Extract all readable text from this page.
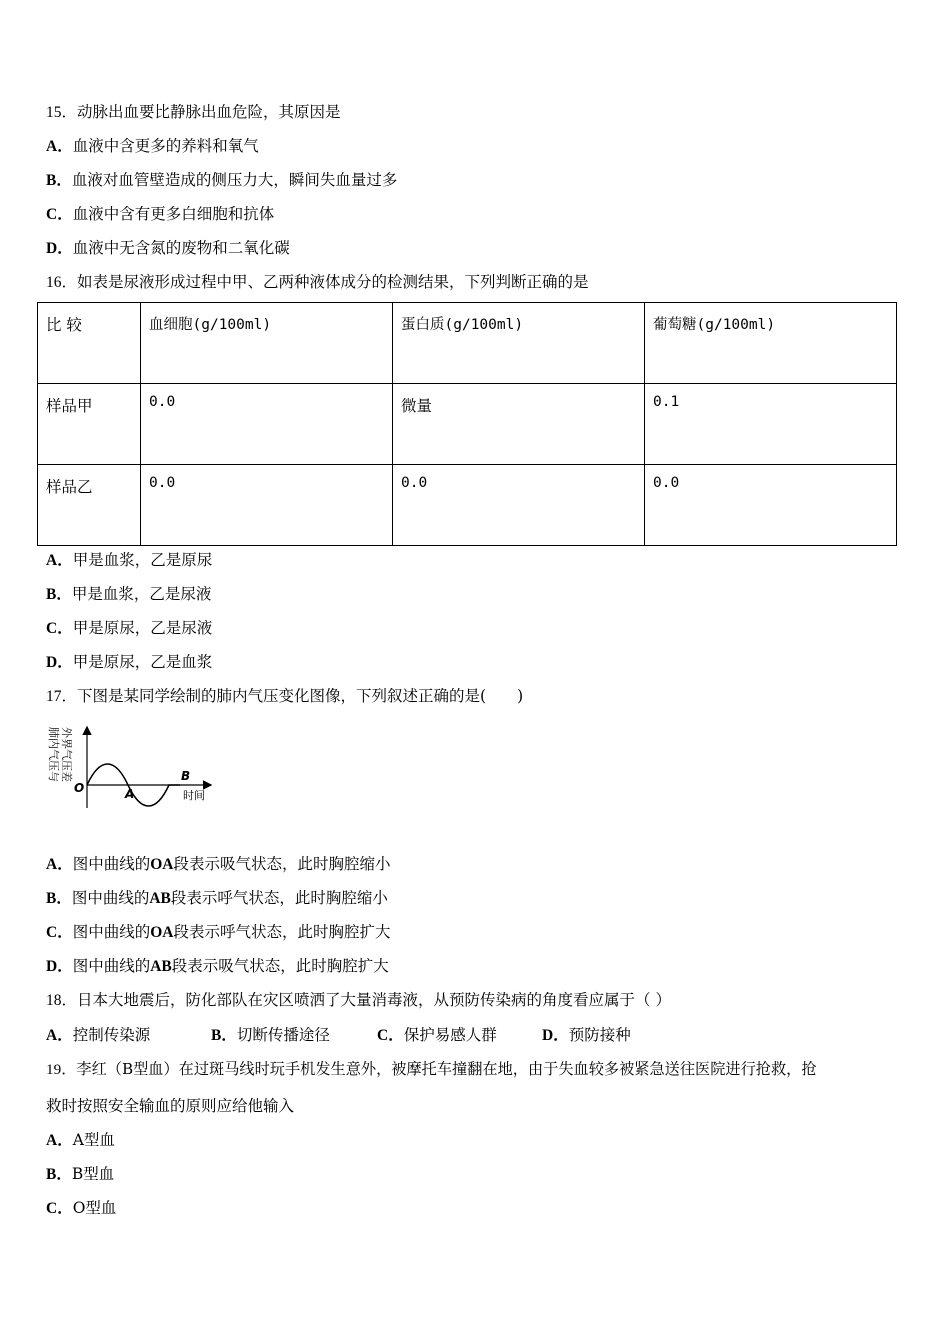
15．动脉出血要比静脉出血危险，其原因是
A．血液中含更多的养料和氧气
B．血液对血管壁造成的侧压力大，瞬间失血量过多
C．血液中含有更多白细胞和抗体
D．血液中无含氮的废物和二氧化碳
16．如表是尿液形成过程中甲、乙两种液体成分的检测结果，下列判断正确的是
比 较	血细胞(g/100ml)	蛋白质(g/100ml)	葡萄糖(g/100ml)
样品甲	0.0	微量	0.1
样品乙	0.0	0.0	0.0
A．甲是血浆，乙是原尿
B．甲是血浆，乙是尿液
C．甲是原尿，乙是尿液
D．甲是原尿，乙是血浆
17．下图是某同学绘制的肺内气压变化图像，下列叙述正确的是(　　)
肺内气压与 外界气压差
O	A
B
时间
A．图中曲线的OA段表示吸气状态，此时胸腔缩小
B．图中曲线的AB段表示呼气状态，此时胸腔缩小
C．图中曲线的OA段表示呼气状态，此时胸腔扩大
D．图中曲线的AB段表示吸气状态，此时胸腔扩大
18．日本大地震后，防化部队在灾区喷洒了大量消毒液，从预防传染病的角度看应属于（ ）
A．控制传染源	B．切断传播途径	C．保护易感人群	D．预防接种
19．李红（B型血）在过斑马线时玩手机发生意外，被摩托车撞翻在地，由于失血较多被紧急送往医院进行抢救，抢
救时按照安全输血的原则应给他输入
A．A型血
B．B型血
C．O型血
